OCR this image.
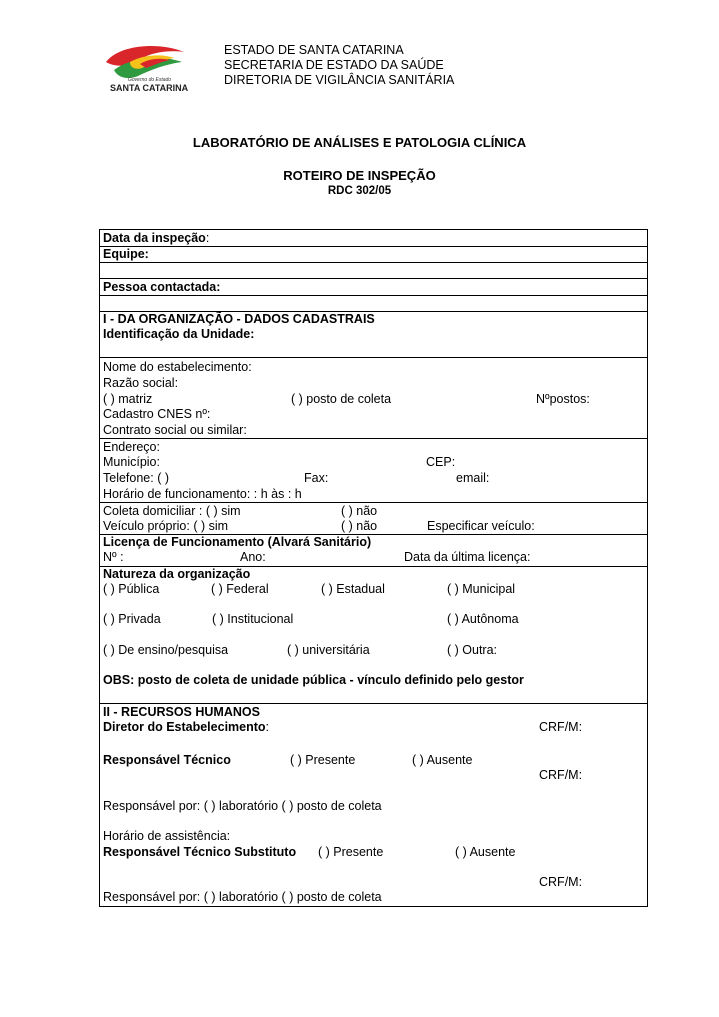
Governo do Estado
SANTA CATARINA
ESTADO DE SANTA CATARINA
SECRETARIA DE ESTADO DA SAÚDE
DIRETORIA DE VIGILÂNCIA SANITÁRIA
LABORATÓRIO DE ANÁLISES E PATOLOGIA CLÍNICA
ROTEIRO DE INSPEÇÃO
RDC 302/05
Data da inspeção:
Equipe:
Pessoa contactada:
I - DA ORGANIZAÇÃO - DADOS CADASTRAIS
Identificação da Unidade:
Nome do estabelecimento:
Razão social:
( ) matriz	( ) posto de coleta	Nºpostos:
Cadastro CNES nº:
Contrato social ou similar:
Endereço:
Município:	CEP:
Telefone: ( )	Fax:	email:
Horário de funcionamento: : h às : h
Coleta domiciliar : ( ) sim	( ) não
Veículo próprio: ( ) sim	( ) não	Especificar veículo:
Licença de Funcionamento (Alvará Sanitário)
Nº :	Ano:	Data da última licença:
Natureza da organização
( ) Pública	( ) Federal	( ) Estadual	( ) Municipal
( ) Privada	( ) Institucional	( ) Autônoma
( ) De ensino/pesquisa	( ) universitária	( ) Outra:
OBS: posto de coleta de unidade pública - vínculo definido pelo gestor
II - RECURSOS HUMANOS
Diretor do Estabelecimento:	CRF/M:
Responsável Técnico	( ) Presente	( ) Ausente
CRF/M:
Responsável por: ( ) laboratório ( ) posto de coleta
Horário de assistência:
Responsável Técnico Substituto ( ) Presente	( ) Ausente
CRF/M:
Responsável por: ( ) laboratório ( ) posto de coleta
